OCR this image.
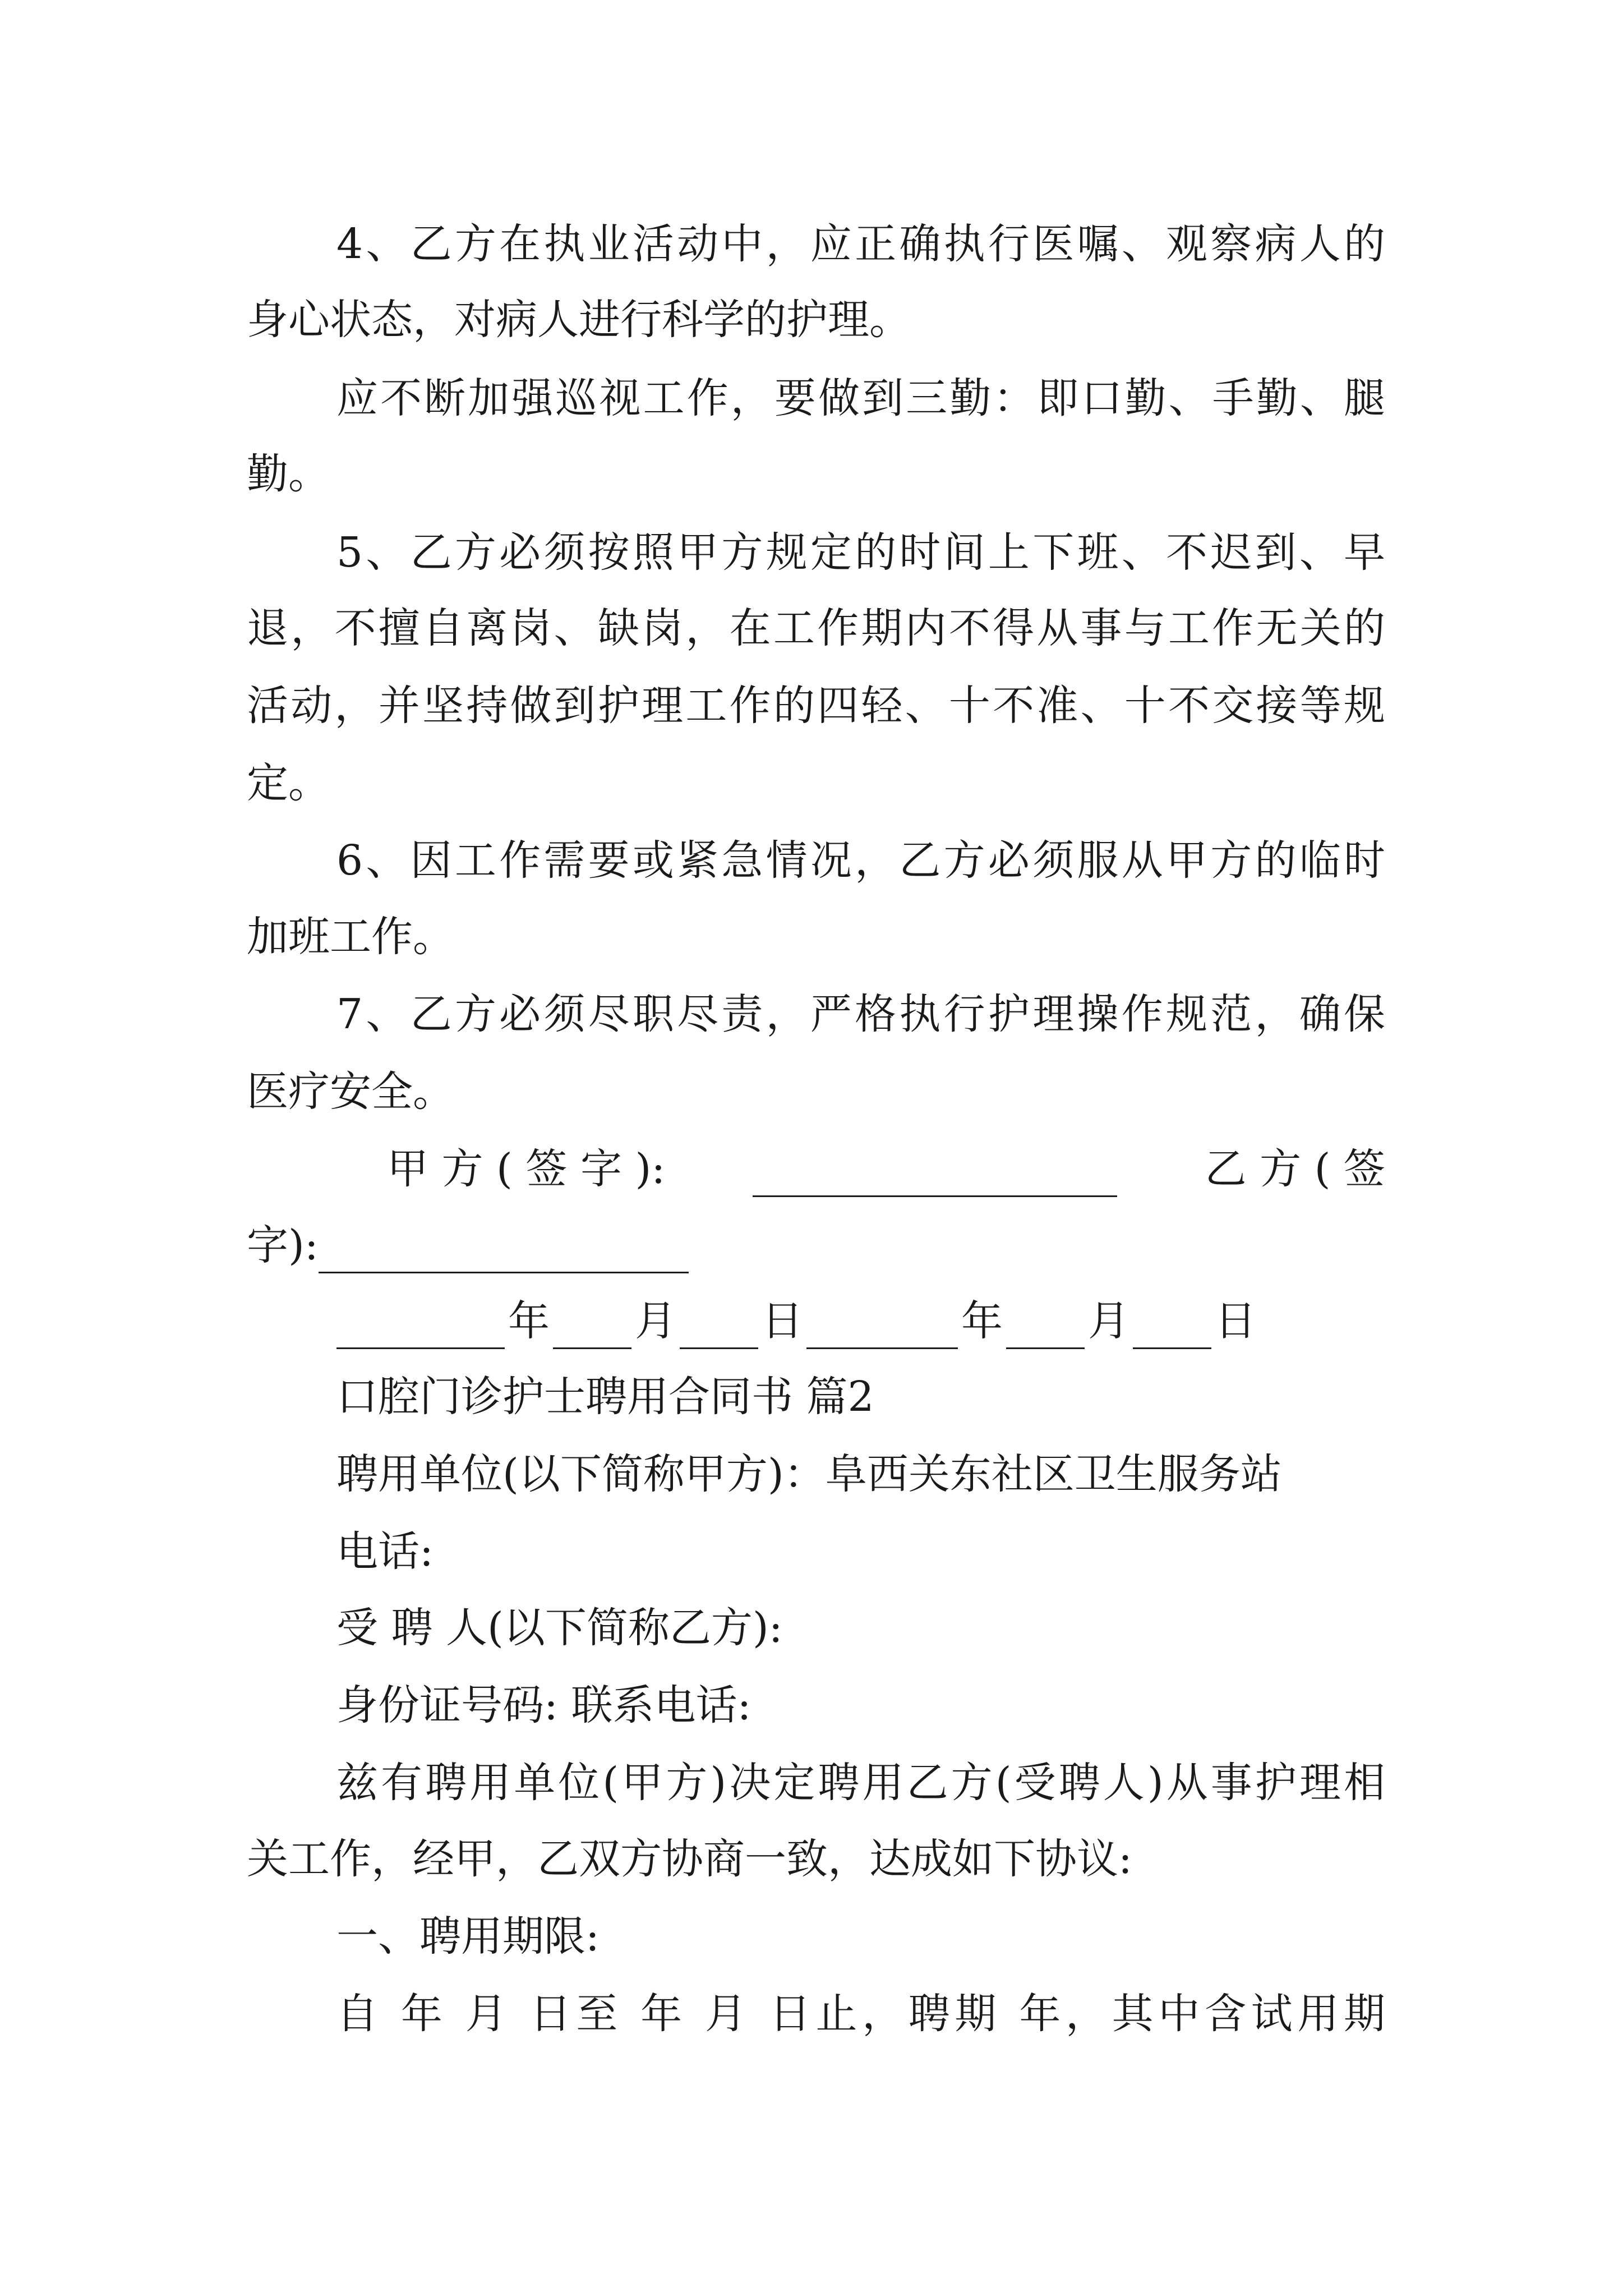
4、乙方在执业活动中，应正确执行医嘱、观察病人的
身心状态，对病人进行科学的护理。
应不断加强巡视工作，要做到三勤：即口勤、手勤、腿
勤。
5、乙方必须按照甲方规定的时间上下班、不迟到、早
退，不擅自离岗、缺岗，在工作期内不得从事与工作无关的
活动，并坚持做到护理工作的四轻、十不准、十不交接等规
定。
6、因工作需要或紧急情况，乙方必须服从甲方的临时
加班工作。
7、乙方必须尽职尽责，严格执行护理操作规范，确保
医疗安全。
甲 方 ( 签 字 ):	乙 方 ( 签
字):
年 月 日	年 月 日
口腔门诊护士聘用合同书 篇2
聘用单位(以下简称甲方)：阜西关东社区卫生服务站
电话:
受 聘 人(以下简称乙方):
身份证号码: 联系电话:
兹有聘用单位(甲方)决定聘用乙方(受聘人)从事护理相
关工作，经甲，乙双方协商一致，达成如下协议:
一、聘用期限:
自 年 月 日至 年 月 日止，聘期 年，其中含试用期
